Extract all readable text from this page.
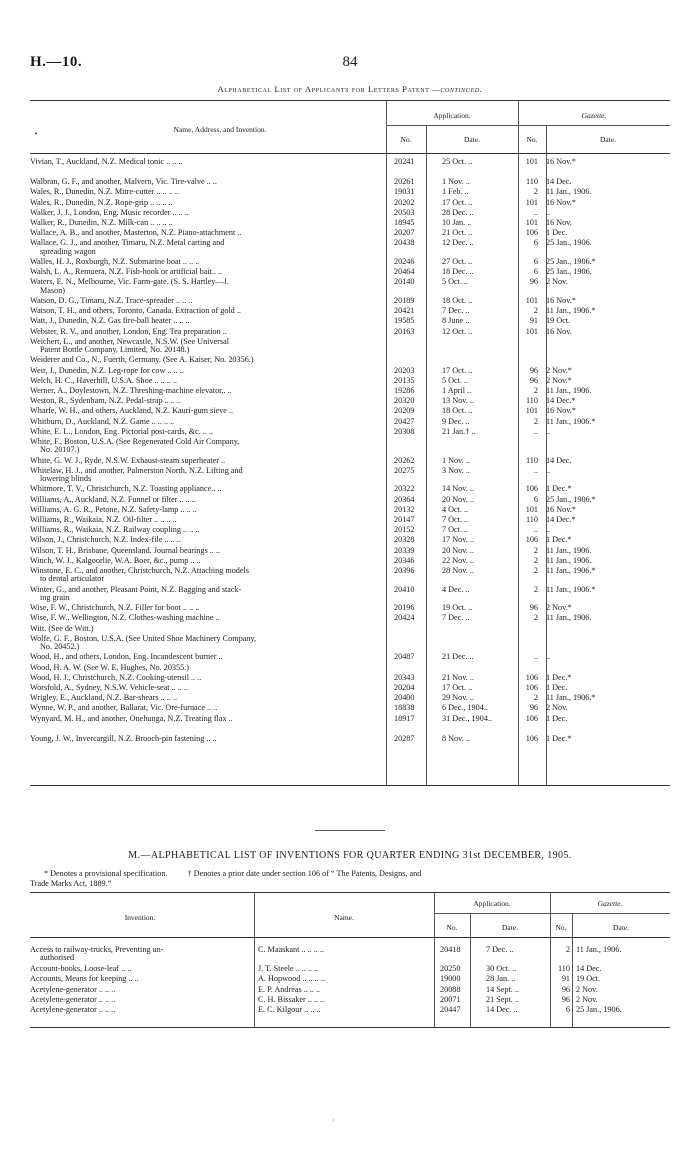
H.—10.	84
Alphabetical List of Applicants for Letters Patent —continued.
•	Name, Address, and Invention.
Application.	Gazette.
No.	Date.	No.	Date.
Vivian, T., Auckland, N.Z. Medical tonic .. .. ..	20241	25 Oct. ..	101 16 Nov.*
Walbran, G. F., and another, Malvern, Vic. Tire-valve .. ..	20261	1 Nov. ..	110 14 Dec.
Wales, R., Dunedin, N.Z. Mitre-cutter .. .. .. ..	19031	1 Feb. ..	2 11 Jan., 1906.
Wales, R., Dunedin, N.Z. Rope-grip .. .. .. ..	20202	17 Oct. ..	101 16 Nov.*
Walker, J. J., London, Eng. Music recorder .. .. ..	20503	28 Dec. ..	.. ..
Walker, R., Dunedin, N.Z. Milk-can .. .. .. ..	18945	10 Jan. ..	101 16 Nov.
Wallace, A. B., and another, Masterton, N.Z. Piano-attachment ..	20207	21 Oct. ..	106 1 Dec.
Wallace, G. J., and another, Timaru, N.Z. Metal carting and	20438	12 Dec. ..	6 25 Jan., 1906.
spreading wagon
Walles, H. J., Roxburgh, N.Z. Submarine boat .. .. ..	20246	27 Oct. ..	6 25 Jan., 1906.*
Walsh, L. A., Remuera, N.Z. Fish-hook or artificial bait.. ..	20464	18 Dec. ..	6 25 Jan., 1906.
Waters, E. N., Melbourne, Vic. Farm-gate. (S. S. Hartley—J.	20140	5 Oct. ..	96 2 Nov.
Mason)
Watson, D. G., Timaru, N.Z. Trace-spreader .. .. ..	20189	18 Oct. ..	101 16 Nov.*
Watson, T. H., and others, Toronto, Canada. Extraction of gold ..	20421	7 Dec. ..	2 11 Jan., 1906.*
Watt, J., Dunedin, N.Z. Gas fire-ball heater .. .. ..	19585	8 June ..	91 19 Oct.
Webster, R. V., and another, London, Eng. Tea preparation ..	20163	12 Oct. ..	101 16 Nov.
Weichert, L., and another, Newcastle, N.S.W. (See Universal
Patent Bottle Company, Limited, No. 20148.)
Weiderer and Co., N., Fuerth, Germany. (See A. Kaiser, No. 20356.)
Weir, J., Dunedin, N.Z. Leg-rope for cow .. .. ..	20203	17 Oct. ..	96 2 Nov.*
Welch, H. C., Haverhill, U.S.A. Shoe .. .. .. ..	20135	5 Oct. ..	96 2 Nov.*
Werner, A., Doylestown, N.Z. Threshing-machine elevator.. ..	19286	1 April ..	2 11 Jan., 1906.
Weston, R., Sydenham, N.Z. Pedal-strap .. .. ..	20320	13 Nov. ..	110 14 Dec.*
Wharfe, W. H., and others, Auckland, N.Z. Kauri-gum sieve ..	20209	18 Oct. ..	101 16 Nov.*
Whitburn, D., Auckland, N.Z. Game .. .. .. ..	20427	9 Dec. ..	2 11 Jan., 1906.*
White, E. L., London, Eng. Pictorial post-cards, &c. .. ..	20308	21 Jan.† ..	.. ..
White, F., Boston, U.S.A. (See Regenerated Cold Air Company,
No. 20107.)
White, G. W. J., Ryde, N.S.W. Exhaust-steam superheater ..	20262	1 Nov. ..	110 14 Dec.
Whitelaw, H. J., and another, Palmerston North, N.Z. Lifting and	20275	3 Nov. ..	.. ..
lowering blinds
Whitmore, T. V., Christchurch, N.Z. Toasting appliance.. ..	20322	14 Nov. ..	106 1 Dec.*
Williams, A., Auckland, N.Z. Funnel or filter .. .. ..	20364	20 Nov. ..	6 25 Jan., 1906.*
Williams, A. G. R., Petone, N.Z. Safety-lamp .. .. ..	20132	4 Oct. ..	101 16 Nov.*
Williams, R., Waikaia, N.Z. Oil-filter .. .. .. ..	20147	7 Oct. ..	110 14 Dec.*
Williams, R., Waikaia, N.Z. Railway coupling .. .. ..	20152	7 Oct. ..	.. ..
Wilson, J., Christchurch, N.Z. Index-file .. .. ..	20328	17 Nov. ..	106 1 Dec.*
Wilson, T. H., Brisbane, Queensland. Journal bearings .. ..	20339	20 Nov. ..	2 11 Jan., 1906.
Winch, W. J., Kalgoorlie, W.A. Boer, &c., pump .. ..	20346	22 Nov. ..	2 11 Jan., 1906.
Winstone, E. C., and another, Christchurch, N.Z. Attaching models	20396	28 Nov. ..	2 11 Jan., 1906.*
to dental articulator
Winter, G., and another, Pleasant Point, N.Z. Bagging and stack-	20410	4 Dec. ..	2 11 Jan., 1906.*
ing grain
Wise, F. W., Christchurch, N.Z. Filler for boot .. .. ..	20196	19 Oct. ..	96 2 Nov.*
Wise, F. W., Wellington, N.Z. Clothes-washing machine ..	20424	7 Dec. ..	2 11 Jan., 1906.
Witt. (See de Witt.)
Wolfe, G. F., Boston, U.S.A. (See United Shoe Machinery Company,
No. 20452.)
Wood, H., and others, London, Eng. Incandescent burner ..	20487	21 Dec. ..	.. ..
Wood, H. A. W. (See W. E. Hughes, No. 20355.)
Wood, H. J., Christchurch, N.Z. Cooking-utensil .. ..	20343	21 Nov. ..	106 1 Dec.*
Worsfold, A., Sydney, N.S.W. Vehicle-seat .. .. ..	20204	17 Oct. ..	106 1 Dec.
Wrigley, E., Auckland, N.Z. Bar-shears .. .. ..	20400	29 Nov. ..	2 11 Jan., 1906.*
Wynne, W. P., and another, Ballarat, Vic. Ore-furnace .. ..	18838	6 Dec., 1904..	96 2 Nov.
Wynyard, M. H., and another, Onehunga, N.Z. Treating flax ..	18917	31 Dec., 1904..	106 1 Dec.
Young, J. W., Invercargill, N.Z. Brooch-pin fastening .. ..	20287	8 Nov. ..	106 1 Dec.*
M.—ALPHABETICAL LIST OF INVENTIONS FOR QUARTER ENDING 31st DECEMBER, 1905.
* Denotes a provisional specification. † Denotes a prior date under section 106 of “ The Patents, Designs, and
Trade Marks Act, 1889.”
Invention.	Name.
Application.	Gazette.
No.	Date.	No.	Date.
Access to railway-trucks, Preventing un-	C. Maaskant .. .. .. ..	20418	7 Dec. ..	2 11 Jan., 1906.
authorised
Account-books, Loose-leaf .. ..	J. T. Steele .. .. .. ..	20250	30 Oct. ..	110 14 Dec.
Accounts, Means for keeping .. ..	A. Hopwood .. .. .. ..	19000	28 Jan. ..	91 19 Oct.
Acetylene-generator .. .. ..	E. P. Andreas .. .. ..	20088	14 Sept. ..	96 2 Nov.
Acetylene-generator .. .. ..	C. H. Bissaker .. .. ..	20071	21 Sept. ..	96 2 Nov.
Acetylene-generator .. .. ..	E. C. Kilgour .. .. ..	20447	14 Dec. ..	6 25 Jan., 1906.
·
